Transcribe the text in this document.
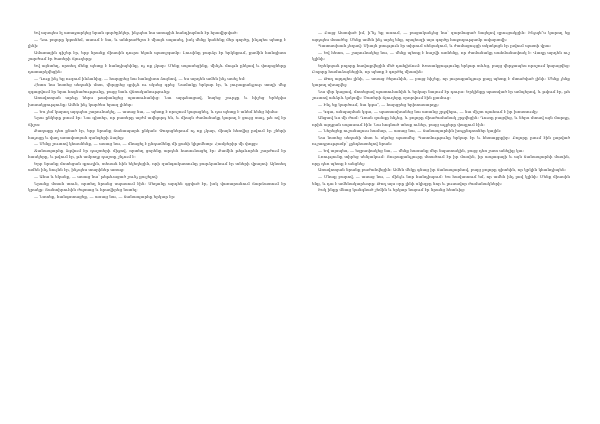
Եվ այսպես էլ առաջարկեց նրան գործընկեր, ինչպես նա առաջին հանդիպման էր հրավիրված։

— Դու բոլորը կգտնեմ, ասում է նա, և անհրաժեշտ է միայն սպասել, իսկ մենք կանենք մեր գործը, ինչպես պետք է լինի։

Ամառային գիշեր էր, երբ նրանք միասին դուրս եկան պատշգամբ։ Լուսինը բարձր էր երկնքում, քամին հանգիստ շարժում էր ծառերի ճյուղերը։

Եվ այնտեղ, որտեղ մենք պետք է հանդիպեինք, ոչ ոք չկար։ Մենք սպասեցինք, մինչև մութն ընկավ և փողոցները դատարկվեցին։

— Դուք ինչ եք ուզում ինձանից, — հարցրեց նա հանգիստ ձայնով, — ես արդեն ամեն ինչ ասել եմ։

Հետո նա նստեց սեղանի մոտ, վերցրեց գրիչն ու սկսեց գրել։ Նամակը երկար էր, և յուրաքանչյուր տողի մեջ զգացվում էր նրա հոգնածությունը, բայց նաև վճռականությունը։

Առավոտյան արևը ներս թափանցեց պատուհանից։ Նա արթնացավ, նայեց շուրջը և հիշեց երեկվա խոսակցությունը։ Ամեն ինչ կարծես երազ լիներ։

— Ես չեմ կարող այդպես շարունակել, — ասաց նա, — պետք է որոշում կայացնել, և դա պետք է անեմ հենց հիմա։

Նրա ընկերը լռում էր։ Նա գիտեր, որ բառերը այժմ ավելորդ են, և միայն ժամանակը կարող է ցույց տալ, թե ով էր ճիշտ։

Քաղաքը դեռ քնած էր, երբ նրանք ճանապարհ ընկան։ Փողոցներում ոչ ոք չկար, միայն հեռվից լսվում էր շների հաչոցը և վաղ առավոտյան զանգերի ձայնը։

— Մենք շուտով կհասնենք, — ասաց նա, — մնացել է ընդամենը մի քանի կիլոմետր։ Համբերիր մի փոքր։

Ճանապարհը ձգվում էր դաշտերի միջով, որտեղ ցորենը արդեն հասունացել էր։ Քամին թեթևորեն շարժում էր հասկերը, և թվում էր, թե ամբողջ դաշտը շնչում է։

Երբ նրանք մոտեցան գյուղին, տեսան հին եկեղեցին, որի զանգակատունը բարձրանում էր տների վրայով։ Այնտեղ ամեն ինչ նույնն էր, ինչպես տարիներ առաջ։

— Ահա և եկանք, — ասաց նա՝ թեթևացած շունչ քաշելով։

Նրանք մտան տուն, որտեղ նրանց սպասում էին։ Սեղանը արդեն գցված էր, իսկ վառարանում ճարճատում էր կրակը։ Տանտիրուհին ժպտաց և հրավիրեց նստել։

— Նստեք, հանգստացեք, — ասաց նա, — ճանապարհը երկար էր։

— Բայց Աստված իմ, ի՞նչ եք ասում, — բացականչեց նա՝ զարմացած նայելով զրուցակցին։ Ինչպե՞ս կարող եք այդպես մտածել։ Մենք ամեն ինչ արել ենք, որպեսզի այս գործը հաջողությամբ ավարտվի։

Պատասխան չեղավ։ Միայն լռություն էր տիրում սենյակում, և ժամացույցի տկտկոցն էր լսվում պատի վրա։

— Եվ հետո, — շարունակեց նա, — մենք պետք է հաշվի առնենք, որ ժամանակը սահմանափակ է։ Վաղը արդեն ուշ կլինի։

Երեկոյան բոլորը հավաքվեցին մեծ դահլիճում։ Խոսակցությունը երկար տևեց, բայց վերջապես որոշում կայացվեց։ Բոլորը համաձայնեցին, որ պետք է գործել միասին։

— Թող այդպես լինի, — ասաց ծերունին, — բայց հիշեք, որ յուրաքանչյուր քայլ պետք է մտածված լինի։ Մենք չենք կարող սխալվել։

Նա վեր կացավ, մոտեցավ պատուհանին և երկար նայում էր դուրս։ Երկինքը պատված էր ամպերով, և թվում էր, թե շուտով անձրև կսկսվի։ Ծառերի ճյուղերը օրորվում էին քամուց։

— Ինչ եք կարծում, նա կգա՞, — հարցրեց երիտասարդը։

— Կգա, անպայման կգա, — պատասխանեց նա առանց շրջվելու, — նա միշտ պահում է իր խոստումը։

Անցավ ևս մի ժամ։ Դռան զանգը հնչեց, և բոլորը միաժամանակ շրջվեցին։ Դուռը բացվեց, և ներս մտավ այն մարդը, որին այդքան սպասում էին։ Նա հոգնած տեսք ուներ, բայց աչքերը փայլում էին։

— Ներեցեք ուշանալուս համար, — ասաց նա, — ճանապարհին խոչընդոտներ կային։

Նա նստեց սեղանի մոտ և սկսեց պատմել։ Պատմությունը երկար էր և հետաքրքիր։ Բոլորը լսում էին լարված ուշադրությամբ՝ չընդհատելով նրան։

— Եվ այսպես, — եզրափակեց նա, — մենք հասանք մեր նպատակին, բայց դեռ շատ անելիք կա։

Լռությունը տիրեց սենյակում։ Յուրաքանչյուրը մտածում էր իր մասին, իր ապագայի և այն ճանապարհի մասին, որը դեռ պետք է անցնել։

Առավոտյան նրանք բաժանվեցին։ Ամեն մեկը գնաց իր ճանապարհով, բայց բոլորը գիտեին, որ կրկին կհանդիպեն։

— Մնաք բարով, — ասաց նա, — մինչև նոր հանդիպում։ Ես հավատում եմ, որ ամեն ինչ լավ կլինի։ Մենք միասին ենք, և դա է ամենակարևորը։ Թող այս օրը լինի սկիզբը նոր և լուսավոր ժամանակների։

Իսկ ինքը մնաց կանգնած շեմին և երկար նայում էր նրանց հետևից։
